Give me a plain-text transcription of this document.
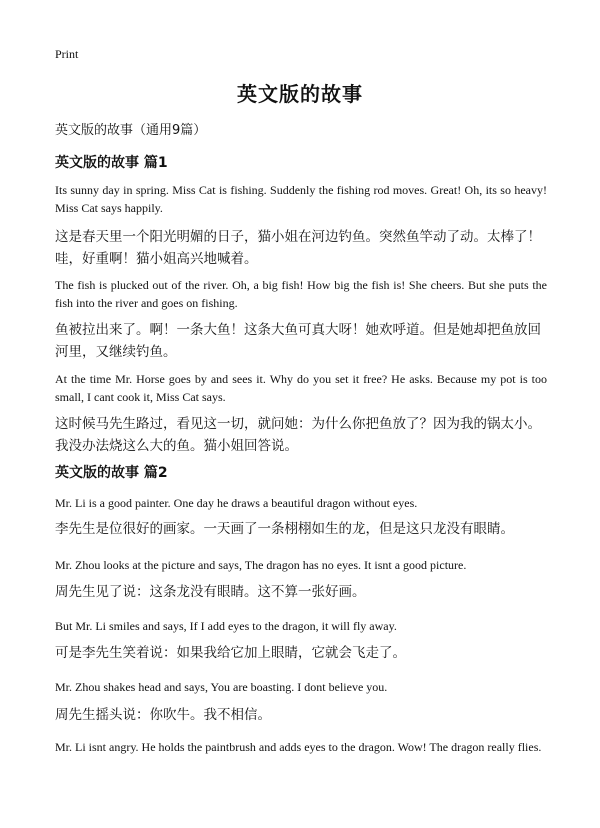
Print
英文版的故事
英文版的故事（通用9篇）
英文版的故事 篇1
Its sunny day in spring. Miss Cat is fishing. Suddenly the fishing rod moves. Great! Oh, its so heavy! Miss Cat says happily.
这是春天里一个阳光明媚的日子，猫小姐在河边钓鱼。突然鱼竿动了动。太棒了！哇，好重啊！猫小姐高兴地喊着。
The fish is plucked out of the river. Oh, a big fish! How big the fish is! She cheers. But she puts the fish into the river and goes on fishing.
鱼被拉出来了。啊！一条大鱼！这条大鱼可真大呀！她欢呼道。但是她却把鱼放回河里，又继续钓鱼。
At the time Mr. Horse goes by and sees it. Why do you set it free? He asks. Because my pot is too small, I cant cook it, Miss Cat says.
这时候马先生路过，看见这一切，就问她：为什么你把鱼放了？因为我的锅太小。我没办法烧这么大的鱼。猫小姐回答说。
英文版的故事 篇2
Mr. Li is a good painter. One day he draws a beautiful dragon without eyes.
李先生是位很好的画家。一天画了一条栩栩如生的龙，但是这只龙没有眼睛。
Mr. Zhou looks at the picture and says, The dragon has no eyes. It isnt a good picture.
周先生见了说：这条龙没有眼睛。这不算一张好画。
But Mr. Li smiles and says, If I add eyes to the dragon, it will fly away.
可是李先生笑着说：如果我给它加上眼睛，它就会飞走了。
Mr. Zhou shakes head and says, You are boasting. I dont believe you.
周先生摇头说：你吹牛。我不相信。
Mr. Li isnt angry. He holds the paintbrush and adds eyes to the dragon. Wow! The dragon really flies.
